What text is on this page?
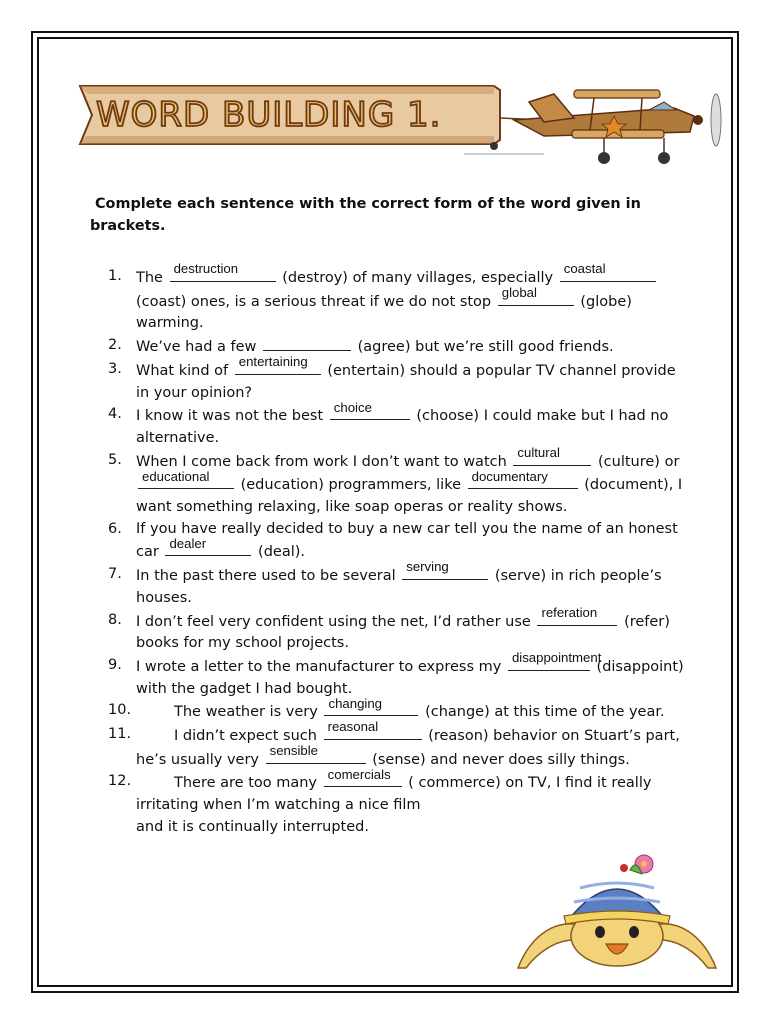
WORD BUILDING 1.
Complete each sentence with the correct form of the word given in brackets.
1. The
destruction
(destroy) of many villages, especially
coastal
(coast) ones, is a serious threat if we do not stop
global
(globe) warming.
2. We’ve had a few	(agree) but we’re still good friends.
3. What kind of
entertaining
(entertain) should a popular TV channel provide in your opinion?
4. I know it was not the best
choice
(choose) I could make but I had no alternative.
5. When I come back from work I don’t want to watch
cultural
(culture) or
educational
(education) programmers, like
documentary
(document), I want something relaxing, like soap operas or reality shows.
6. If you have really decided to buy a new car tell you the name of an honest car
dealer
(deal).
7. In the past there used to be several
serving
(serve) in rich people’s houses.
8. I don’t feel very confident using the net, I’d rather use
referation
(refer) books for my school projects.
9. I wrote a letter to the manufacturer to express my
disappointment
(disappoint) with the gadget I had bought.
10.	The weather is very
changing
(change) at this time of the year.
11.	I didn’t expect such
reasonal
(reason) behavior on Stuart’s part, he’s usually very
sensible
(sense) and never does silly things.
12.	There are too many
comercials
( commerce) on TV, I find it really irritating when I’m watching a nice film
and it is continually interrupted.
